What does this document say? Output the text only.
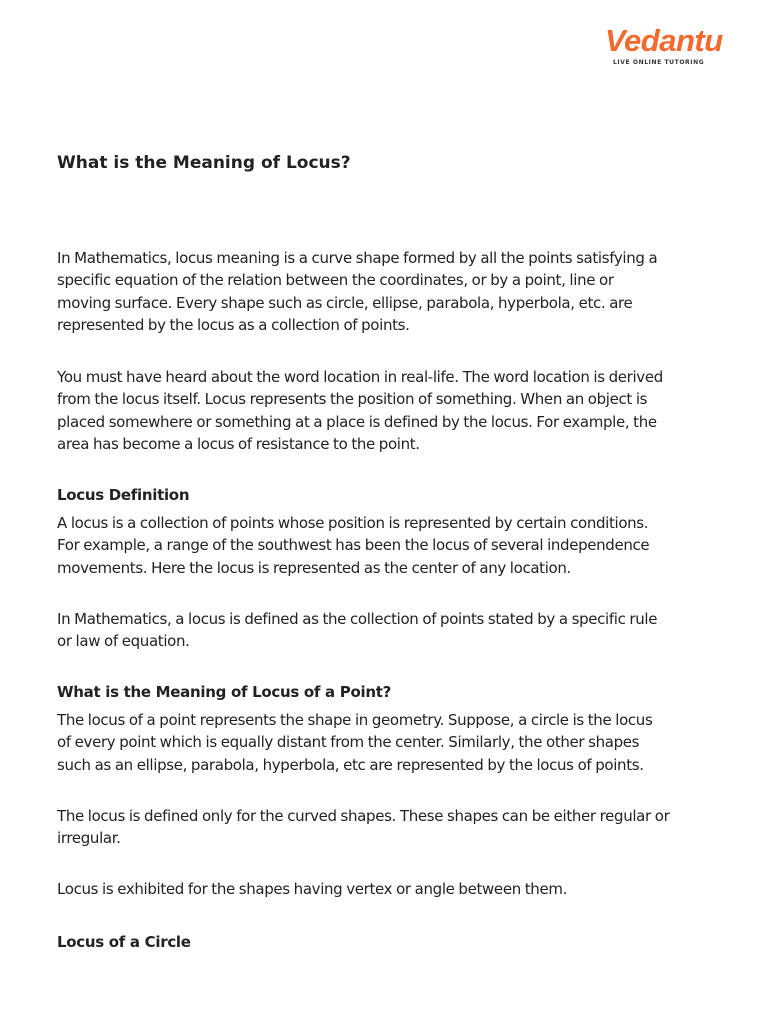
Vedantu
LIVE ONLINE TUTORING
What is the Meaning of Locus?

In Mathematics, locus meaning is a curve shape formed by all the points satisfying a
specific equation of the relation between the coordinates, or by a point, line or
moving surface. Every shape such as circle, ellipse, parabola, hyperbola, etc. are
represented by the locus as a collection of points.

You must have heard about the word location in real-life. The word location is derived
from the locus itself. Locus represents the position of something. When an object is
placed somewhere or something at a place is defined by the locus. For example, the
area has become a locus of resistance to the point.

Locus Definition

A locus is a collection of points whose position is represented by certain conditions.
For example, a range of the southwest has been the locus of several independence
movements. Here the locus is represented as the center of any location.

In Mathematics, a locus is defined as the collection of points stated by a specific rule
or law of equation.

What is the Meaning of Locus of a Point?

The locus of a point represents the shape in geometry. Suppose, a circle is the locus
of every point which is equally distant from the center. Similarly, the other shapes
such as an ellipse, parabola, hyperbola, etc are represented by the locus of points.

The locus is defined only for the curved shapes. These shapes can be either regular or
irregular.

Locus is exhibited for the shapes having vertex or angle between them.

Locus of a Circle
